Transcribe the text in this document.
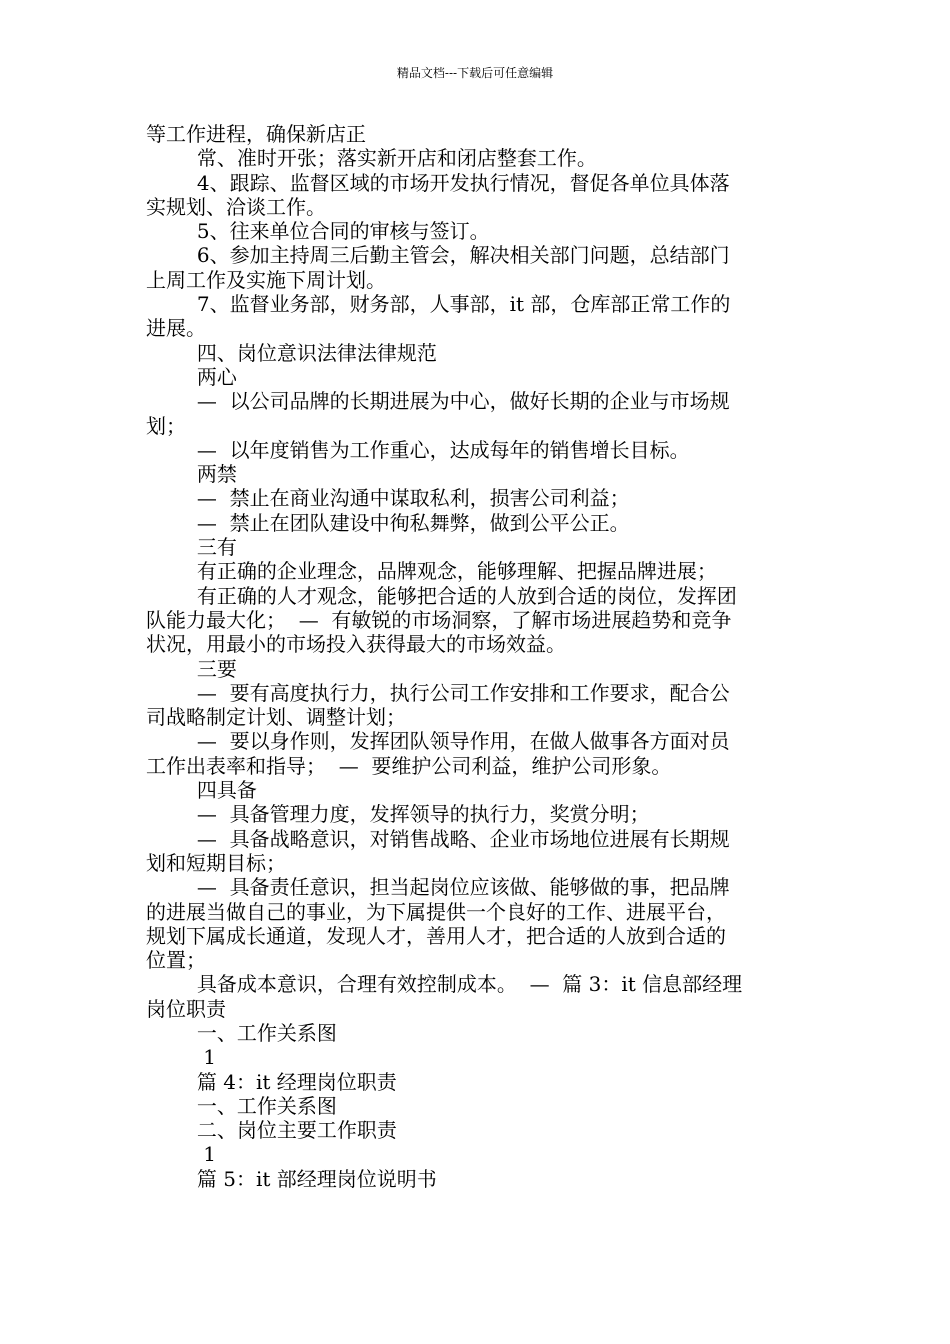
精品文档---下载后可任意编辑
等工作进程，确保新店正
常、准时开张；落实新开店和闭店整套工作。
4、跟踪、监督区域的市场开发执行情况，督促各单位具体落
实规划、洽谈工作。
5、往来单位合同的审核与签订。
6、参加主持周三后勤主管会，解决相关部门问题，总结部门
上周工作及实施下周计划。
7、监督业务部，财务部，人事部，it 部，仓库部正常工作的
进展。
四、岗位意识法律法律规范
两心
—  以公司品牌的长期进展为中心，做好长期的企业与市场规
划；
—  以年度销售为工作重心，达成每年的销售增长目标。
两禁
—  禁止在商业沟通中谋取私利，损害公司利益；
—  禁止在团队建设中徇私舞弊，做到公平公正。
三有
有正确的企业理念，品牌观念，能够理解、把握品牌进展；
有正确的人才观念，能够把合适的人放到合适的岗位，发挥团
队能力最大化；  —  有敏锐的市场洞察，了解市场进展趋势和竞争
状况，用最小的市场投入获得最大的市场效益。
三要
—  要有高度执行力，执行公司工作安排和工作要求，配合公
司战略制定计划、调整计划；
—  要以身作则，发挥团队领导作用，在做人做事各方面对员
工作出表率和指导；  —  要维护公司利益，维护公司形象。
四具备
—  具备管理力度，发挥领导的执行力，奖赏分明；
—  具备战略意识，对销售战略、企业市场地位进展有长期规
划和短期目标；
—  具备责任意识，担当起岗位应该做、能够做的事，把品牌
的进展当做自己的事业，为下属提供一个良好的工作、进展平台，
规划下属成长通道，发现人才，善用人才，把合适的人放到合适的
位置；
具备成本意识，合理有效控制成本。  —  篇 3：it 信息部经理
岗位职责
一、工作关系图
1
篇 4：it 经理岗位职责
一、工作关系图
二、岗位主要工作职责
1
篇 5：it 部经理岗位说明书
